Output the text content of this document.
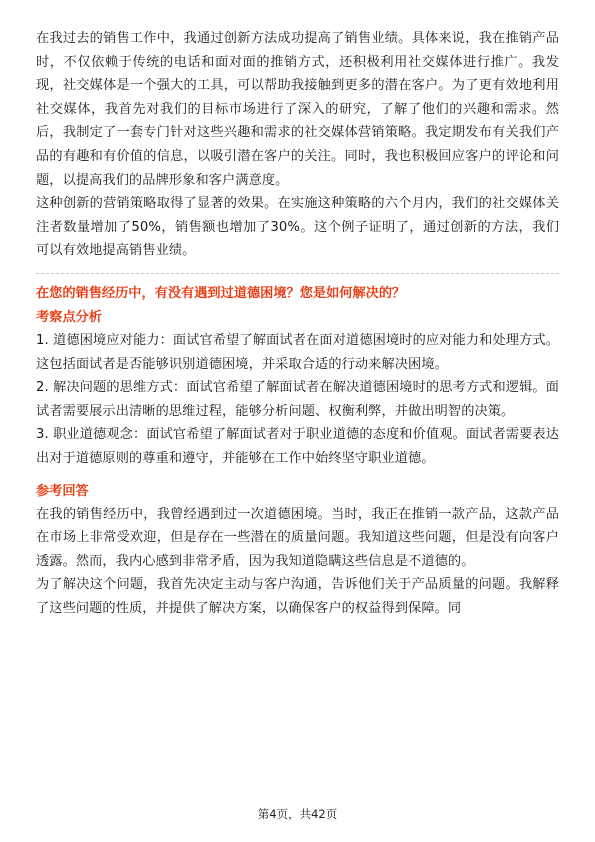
在我过去的销售工作中，我通过创新方法成功提高了销售业绩。具体来说，我在推销产品时，不仅依赖于传统的电话和面对面的推销方式，还积极利用社交媒体进行推广。我发现，社交媒体是一个强大的工具，可以帮助我接触到更多的潜在客户。为了更有效地利用社交媒体，我首先对我们的目标市场进行了深入的研究，了解了他们的兴趣和需求。然后，我制定了一套专门针对这些兴趣和需求的社交媒体营销策略。我定期发布有关我们产品的有趣和有价值的信息，以吸引潜在客户的关注。同时，我也积极回应客户的评论和问题，以提高我们的品牌形象和客户满意度。

这种创新的营销策略取得了显著的效果。在实施这种策略的六个月内，我们的社交媒体关注者数量增加了50%，销售额也增加了30%。这个例子证明了，通过创新的方法，我们可以有效地提高销售业绩。

在您的销售经历中，有没有遇到过道德困境？您是如何解决的？

考察点分析

1. 道德困境应对能力：面试官希望了解面试者在面对道德困境时的应对能力和处理方式。这包括面试者是否能够识别道德困境，并采取合适的行动来解决困境。

2. 解决问题的思维方式：面试官希望了解面试者在解决道德困境时的思考方式和逻辑。面试者需要展示出清晰的思维过程，能够分析问题、权衡利弊，并做出明智的决策。

3. 职业道德观念：面试官希望了解面试者对于职业道德的态度和价值观。面试者需要表达出对于道德原则的尊重和遵守，并能够在工作中始终坚守职业道德。

参考回答

在我的销售经历中，我曾经遇到过一次道德困境。当时，我正在推销一款产品，这款产品在市场上非常受欢迎，但是存在一些潜在的质量问题。我知道这些问题，但是没有向客户透露。然而，我内心感到非常矛盾，因为我知道隐瞒这些信息是不道德的。

为了解决这个问题，我首先决定主动与客户沟通，告诉他们关于产品质量的问题。我解释了这些问题的性质，并提供了解决方案，以确保客户的权益得到保障。同

第4页，共42页
